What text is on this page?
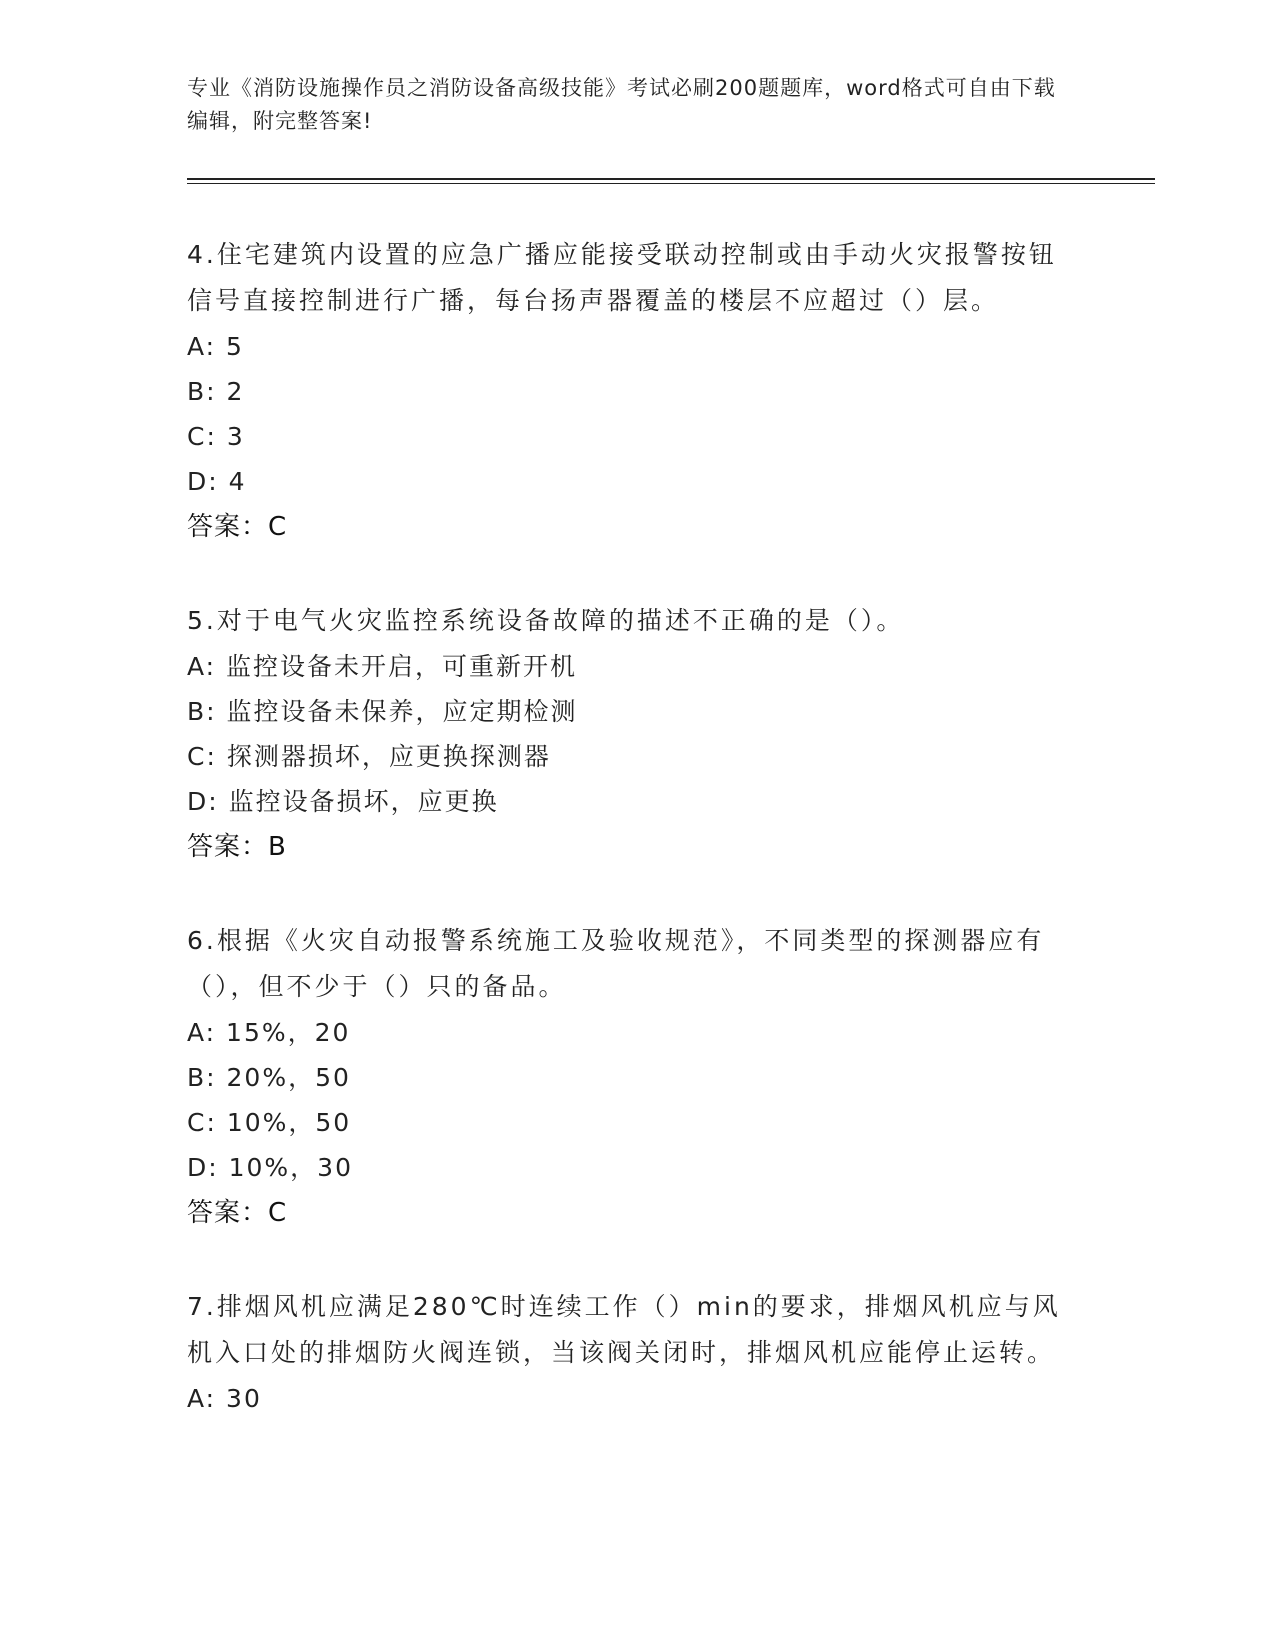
专业《消防设施操作员之消防设备高级技能》考试必刷200题题库，word格式可自由下载编辑，附完整答案!
4.住宅建筑内设置的应急广播应能接受联动控制或由手动火灾报警按钮信号直接控制进行广播，每台扬声器覆盖的楼层不应超过（）层。
A: 5
B: 2
C: 3
D: 4
答案：C
5.对于电气火灾监控系统设备故障的描述不正确的是（）。
A: 监控设备未开启，可重新开机
B: 监控设备未保养，应定期检测
C: 探测器损坏，应更换探测器
D: 监控设备损坏，应更换
答案：B
6.根据《火灾自动报警系统施工及验收规范》，不同类型的探测器应有（），但不少于（）只的备品。
A: 15%，20
B: 20%，50
C: 10%，50
D: 10%，30
答案：C
7.排烟风机应满足280℃时连续工作（）min的要求，排烟风机应与风机入口处的排烟防火阀连锁，当该阀关闭时，排烟风机应能停止运转。
A: 30
